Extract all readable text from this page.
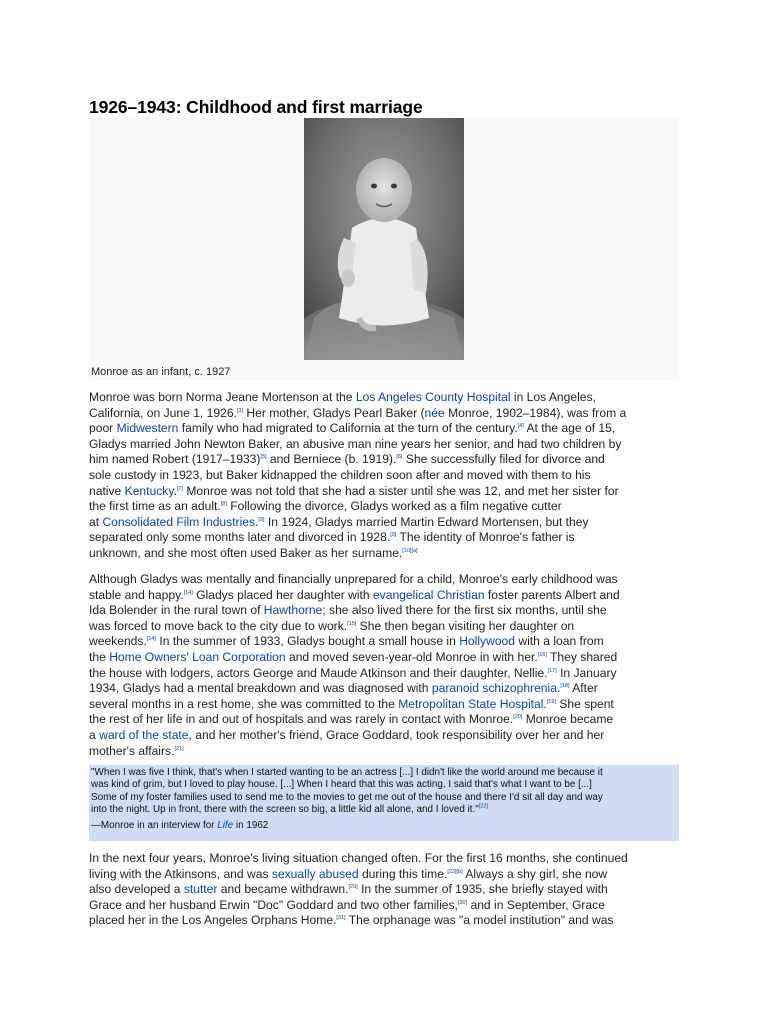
1926–1943: Childhood and first marriage
Monroe as an infant, c. 1927
Monroe was born Norma Jeane Mortenson at the Los Angeles County Hospital in Los Angeles,
California, on June 1, 1926.[3] Her mother, Gladys Pearl Baker (née Monroe, 1902–1984), was from a
poor Midwestern family who had migrated to California at the turn of the century.[4] At the age of 15,
Gladys married John Newton Baker, an abusive man nine years her senior, and had two children by
him named Robert (1917–1933)[5] and Berniece (b. 1919).[6] She successfully filed for divorce and
sole custody in 1923, but Baker kidnapped the children soon after and moved with them to his
native Kentucky.[7] Monroe was not told that she had a sister until she was 12, and met her sister for
the first time as an adult.[8] Following the divorce, Gladys worked as a film negative cutter
at Consolidated Film Industries.[9] In 1924, Gladys married Martin Edward Mortensen, but they
separated only some months later and divorced in 1928.[9] The identity of Monroe's father is
unknown, and she most often used Baker as her surname.[10][a]
Although Gladys was mentally and financially unprepared for a child, Monroe's early childhood was
stable and happy.[14] Gladys placed her daughter with evangelical Christian foster parents Albert and
Ida Bolender in the rural town of Hawthorne; she also lived there for the first six months, until she
was forced to move back to the city due to work.[15] She then began visiting her daughter on
weekends.[14] In the summer of 1933, Gladys bought a small house in Hollywood with a loan from
the Home Owners' Loan Corporation and moved seven-year-old Monroe in with her.[16] They shared
the house with lodgers, actors George and Maude Atkinson and their daughter, Nellie.[17] In January
1934, Gladys had a mental breakdown and was diagnosed with paranoid schizophrenia.[18] After
several months in a rest home, she was committed to the Metropolitan State Hospital.[19] She spent
the rest of her life in and out of hospitals and was rarely in contact with Monroe.[20] Monroe became
a ward of the state, and her mother's friend, Grace Goddard, took responsibility over her and her
mother's affairs.[21]
"When I was five I think, that's when I started wanting to be an actress [...] I didn't like the world around me because it
was kind of grim, but I loved to play house. [...] When I heard that this was acting, I said that's what I want to be [...]
Some of my foster families used to send me to the movies to get me out of the house and there I'd sit all day and way
into the night. Up in front, there with the screen so big, a little kid all alone, and I loved it."[22]
—Monroe in an interview for Life in 1962
In the next four years, Monroe's living situation changed often. For the first 16 months, she continued
living with the Atkinsons, and was sexually abused during this time.[23][b] Always a shy girl, she now
also developed a stutter and became withdrawn.[29] In the summer of 1935, she briefly stayed with
Grace and her husband Erwin "Doc" Goddard and two other families,[30] and in September, Grace
placed her in the Los Angeles Orphans Home.[31] The orphanage was "a model institution" and was
